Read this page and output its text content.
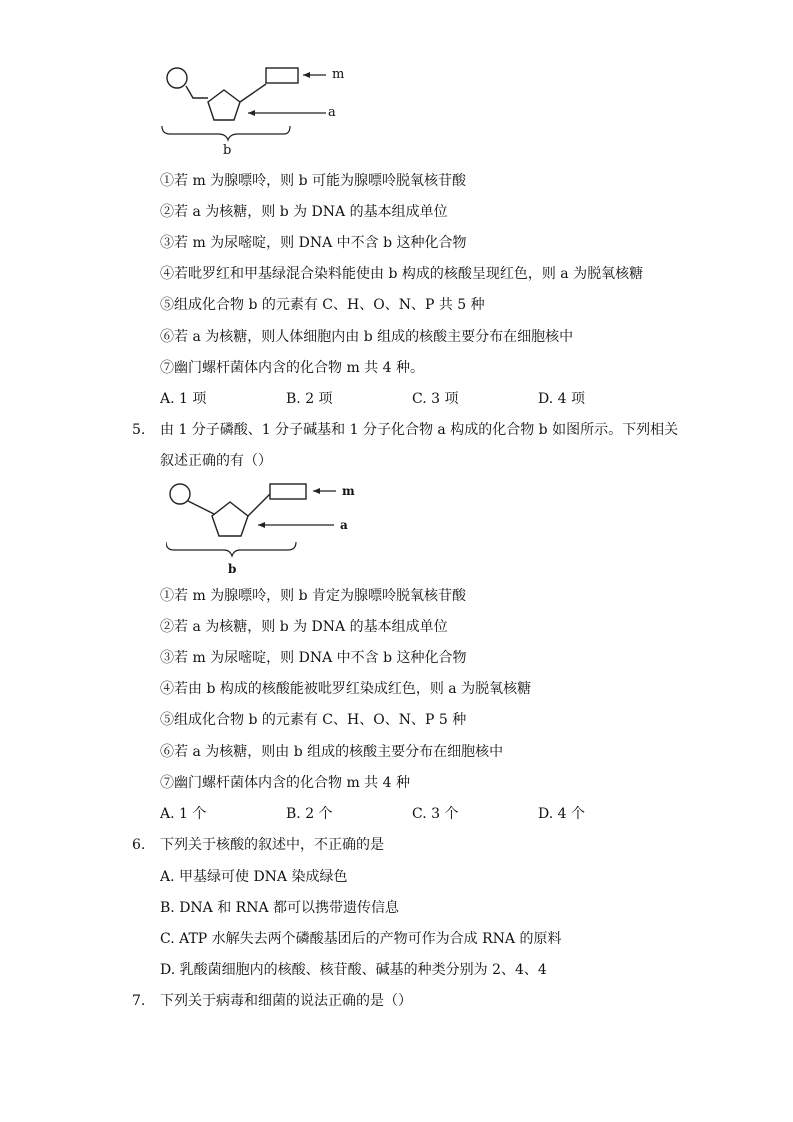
m
a
b
①若 m 为腺嘌呤，则 b 可能为腺嘌呤脱氧核苷酸
②若 a 为核糖，则 b 为 DNA 的基本组成单位
③若 m 为尿嘧啶，则 DNA 中不含 b 这种化合物
④若吡罗红和甲基绿混合染料能使由 b 构成的核酸呈现红色，则 a 为脱氧核糖
⑤组成化合物 b 的元素有 C、H、O、N、P 共 5 种
⑥若 a 为核糖，则人体细胞内由 b 组成的核酸主要分布在细胞核中
⑦幽门螺杆菌体内含的化合物 m 共 4 种。
A. 1 项	B. 2 项	C. 3 项	D. 4 项
5. 由 1 分子磷酸、1 分子碱基和 1 分子化合物 a 构成的化合物 b 如图所示。下列相关
叙述正确的有（）
m
a
b
①若 m 为腺嘌呤，则 b 肯定为腺嘌呤脱氧核苷酸
②若 a 为核糖，则 b 为 DNA 的基本组成单位
③若 m 为尿嘧啶，则 DNA 中不含 b 这种化合物
④若由 b 构成的核酸能被吡罗红染成红色，则 a 为脱氧核糖
⑤组成化合物 b 的元素有 C、H、O、N、P 5 种
⑥若 a 为核糖，则由 b 组成的核酸主要分布在细胞核中
⑦幽门螺杆菌体内含的化合物 m 共 4 种
A. 1 个	B. 2 个	C. 3 个	D. 4 个
6. 下列关于核酸的叙述中，不正确的是
A. 甲基绿可使 DNA 染成绿色
B. DNA 和 RNA 都可以携带遗传信息
C. ATP 水解失去两个磷酸基团后的产物可作为合成 RNA 的原料
D. 乳酸菌细胞内的核酸、核苷酸、碱基的种类分别为 2、4、4
7. 下列关于病毒和细菌的说法正确的是（）
